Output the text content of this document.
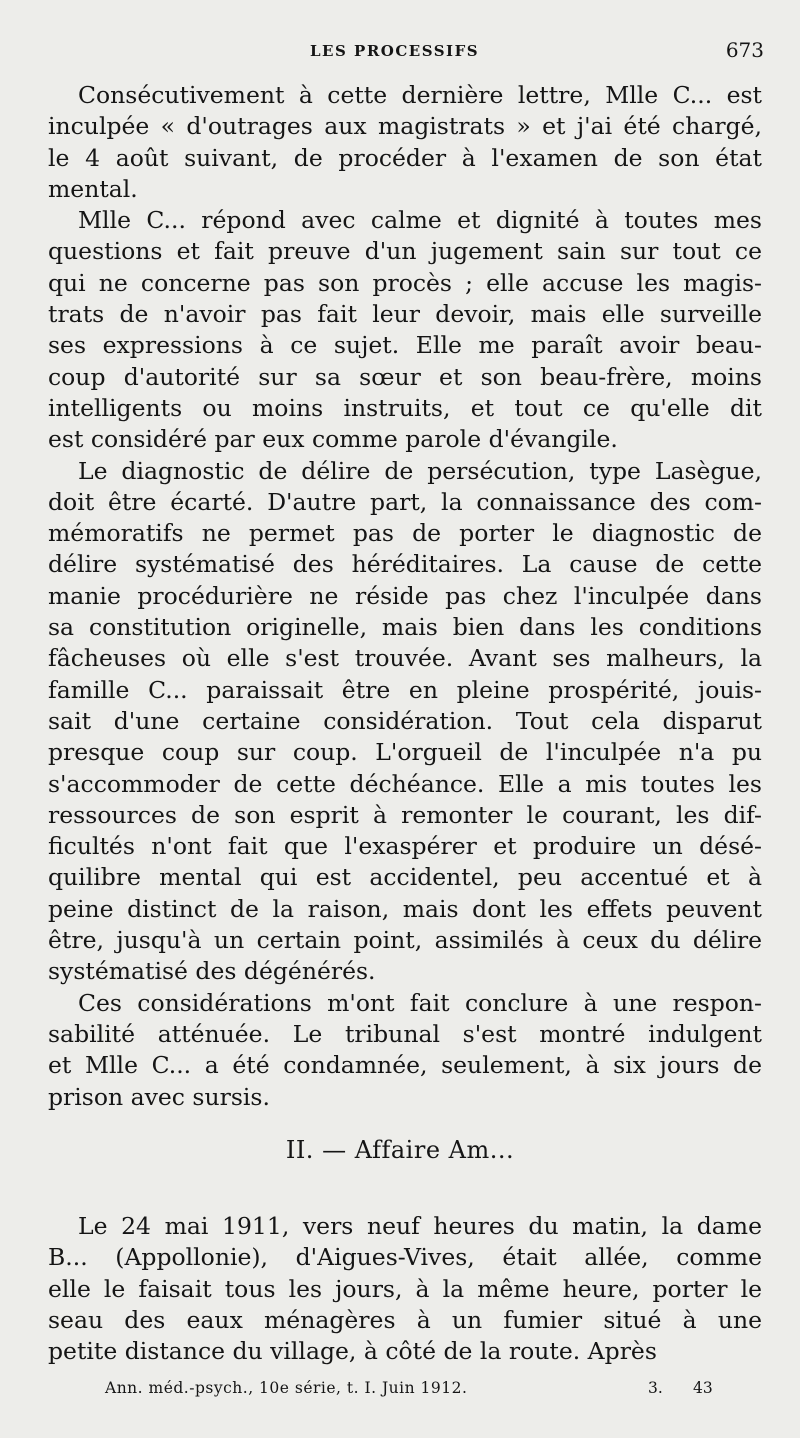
LES PROCESSIFS	673
Consécutivement à cette dernière lettre, Mlle C... est
inculpée « d'outrages aux magistrats » et j'ai été chargé,
le 4 août suivant, de procéder à l'examen de son état
mental.
Mlle C... répond avec calme et dignité à toutes mes
questions et fait preuve d'un jugement sain sur tout ce
qui ne concerne pas son procès ; elle accuse les magis-
trats de n'avoir pas fait leur devoir, mais elle surveille
ses expressions à ce sujet. Elle me paraît avoir beau-
coup d'autorité sur sa sœur et son beau-frère, moins
intelligents ou moins instruits, et tout ce qu'elle dit
est considéré par eux comme parole d'évangile.
Le diagnostic de délire de persécution, type Lasègue,
doit être écarté. D'autre part, la connaissance des com-
mémoratifs ne permet pas de porter le diagnostic de
délire systématisé des héréditaires. La cause de cette
manie procédurière ne réside pas chez l'inculpée dans
sa constitution originelle, mais bien dans les conditions
fâcheuses où elle s'est trouvée. Avant ses malheurs, la
famille C... paraissait être en pleine prospérité, jouis-
sait d'une certaine considération. Tout cela disparut
presque coup sur coup. L'orgueil de l'inculpée n'a pu
s'accommoder de cette déchéance. Elle a mis toutes les
ressources de son esprit à remonter le courant, les dif-
ficultés n'ont fait que l'exaspérer et produire un désé-
quilibre mental qui est accidentel, peu accentué et à
peine distinct de la raison, mais dont les effets peuvent
être, jusqu'à un certain point, assimilés à ceux du délire
systématisé des dégénérés.
Ces considérations m'ont fait conclure à une respon-
sabilité atténuée. Le tribunal s'est montré indulgent
et Mlle C... a été condamnée, seulement, à six jours de
prison avec sursis.
II. — Affaire Am...
Le 24 mai 1911, vers neuf heures du matin, la dame
B... (Appollonie), d'Aigues-Vives, était allée, comme
elle le faisait tous les jours, à la même heure, porter le
seau des eaux ménagères à un fumier situé à une
petite distance du village, à côté de la route. Après
Ann. méd.-psych., 10e série, t. I. Juin 1912.	3. 43
